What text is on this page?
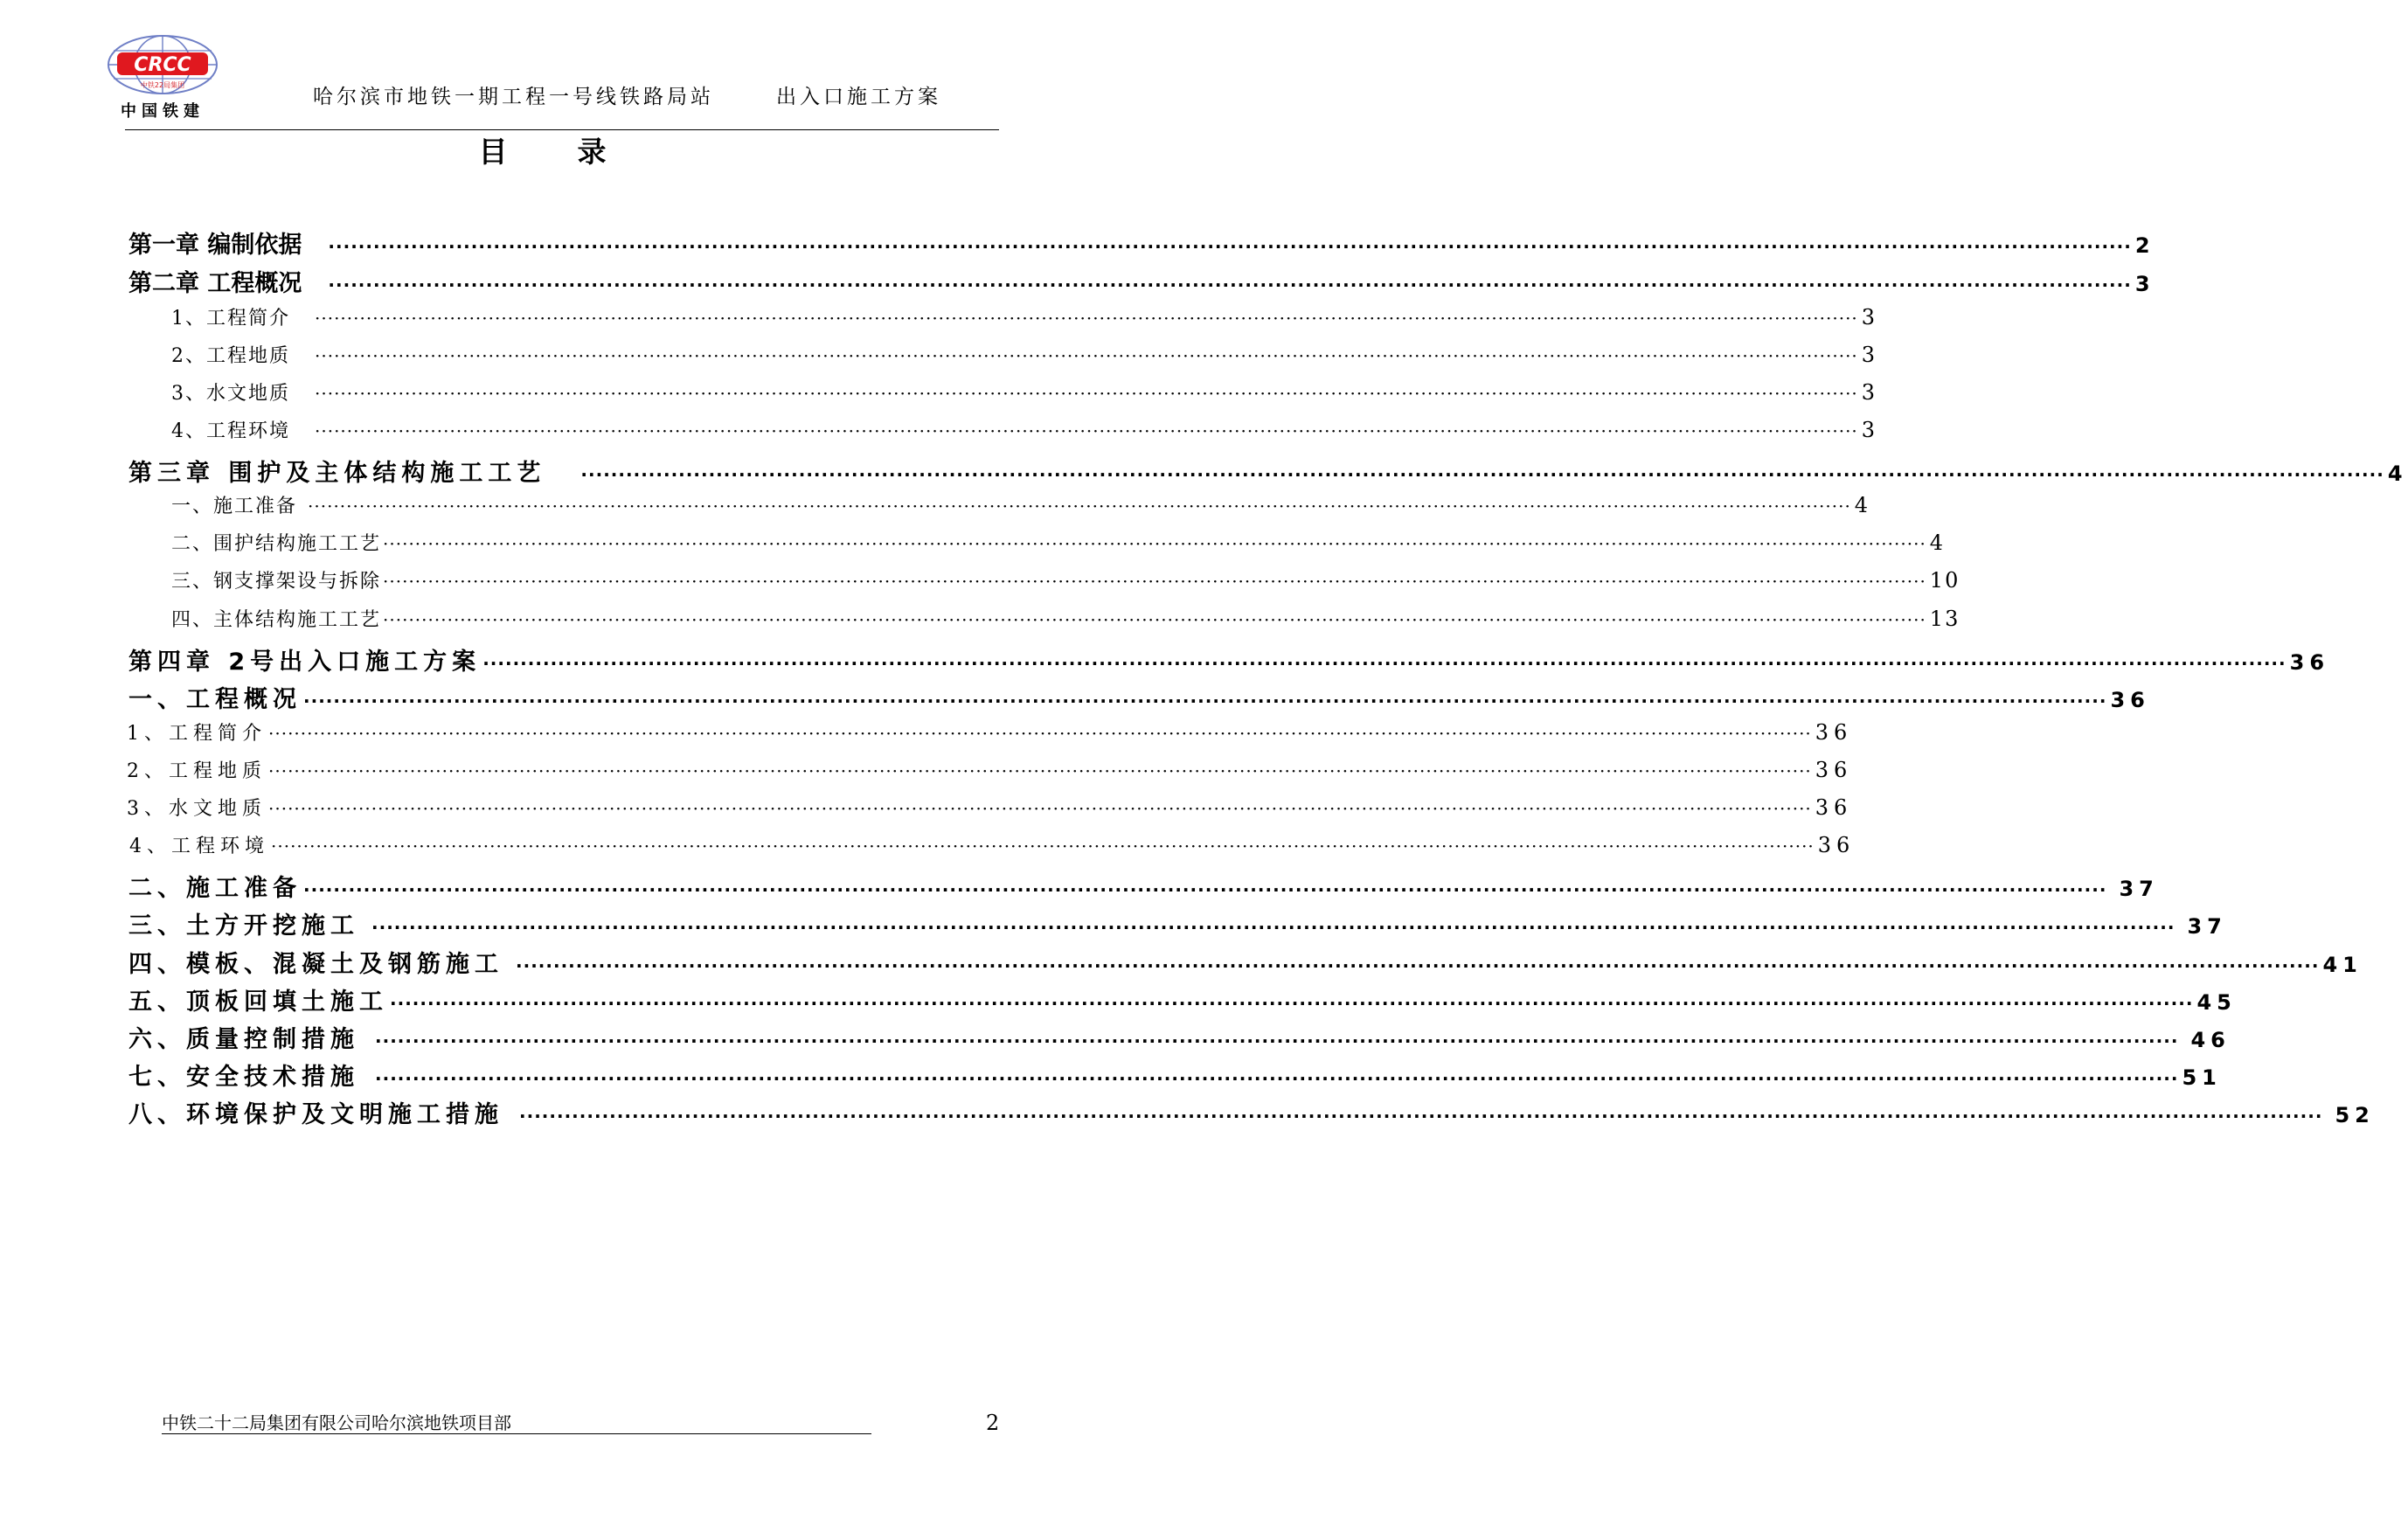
CRCC
中铁22局集团
中国铁建
哈尔滨市地铁一期工程一号线铁路局站	出入口施工方案
目录
第一章 编制依据 ················································································································································································································································ 2
第二章 工程概况 ················································································································································································································································ 3
1、工程简介 ················································································································································································································································ 3
2、工程地质 ················································································································································································································································ 3
3、水文地质 ················································································································································································································································ 3
4、工程环境 ················································································································································································································································ 3
第三章 围护及主体结构施工工艺 ················································································································································································································································ 4
一、施工准备 ················································································································································································································································ 4
二、围护结构施工工艺 ················································································································································································································································ 4
三、钢支撑架设与拆除 ················································································································································································································································ 10
四、主体结构施工工艺 ················································································································································································································································ 13
第四章 2号出入口施工方案 ················································································································································································································································ 36
一、工程概况 ················································································································································································································································ 36
1、工程简介 ················································································································································································································································ 36
2、工程地质 ················································································································································································································································ 36
3、水文地质 ················································································································································································································································ 36
4、工程环境 ················································································································································································································································ 36
二、施工准备 ················································································································································································································································ 37
三、土方开挖施工 ················································································································································································································································ 37
四、模板、混凝土及钢筋施工 ················································································································································································································································ 41
五、顶板回填土施工 ················································································································································································································································ 45
六、质量控制措施 ················································································································································································································································ 46
七、安全技术措施 ················································································································································································································································ 51
八、环境保护及文明施工措施 ················································································································································································································································ 52
中铁二十二局集团有限公司哈尔滨地铁项目部	2
